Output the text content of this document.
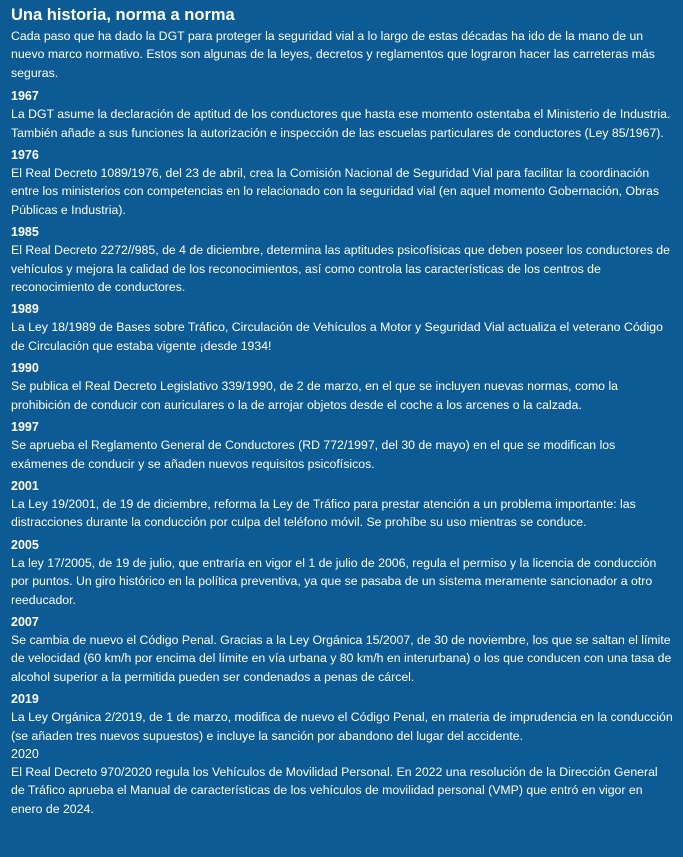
Una historia, norma a norma
Cada paso que ha dado la DGT para proteger la seguridad vial a lo largo de estas décadas ha ido de la mano de un nuevo marco normativo. Estos son algunas de la leyes, decretos y reglamentos que lograron hacer las carreteras más seguras.
1967
La DGT asume la declaración de aptitud de los conductores que hasta ese momento ostentaba el Ministerio de Industria. También añade a sus funciones la autorización e inspección de las escuelas particulares de conductores (Ley 85/1967).
1976
El Real Decreto 1089/1976, del 23 de abril, crea la Comisión Nacional de Seguridad Vial para facilitar la coordinación entre los ministerios con competencias en lo relacionado con la seguridad vial (en aquel momento Gobernación, Obras Públicas e Industria).
1985
El Real Decreto 2272//985, de 4 de diciembre, determina las aptitudes psicofísicas que deben poseer los conductores de vehículos y mejora la calidad de los reconocimientos, así como controla las características de los centros de reconocimiento de conductores.
1989
La Ley 18/1989 de Bases sobre Tráfico, Circulación de Vehículos a Motor y Seguridad Vial actualiza el veterano Código de Circulación que estaba vigente ¡desde 1934!
1990
Se publica el Real Decreto Legislativo 339/1990, de 2 de marzo, en el que se incluyen nuevas normas, como la prohibición de conducir con auriculares o la de arrojar objetos desde el coche a los arcenes o la calzada.
1997
Se aprueba el Reglamento General de Conductores (RD 772/1997, del 30 de mayo) en el que se modifican los exámenes de conducir y se añaden nuevos requisitos psicofísicos.
2001
La Ley 19/2001, de 19 de diciembre, reforma la Ley de Tráfico para prestar atención a un problema importante: las distracciones durante la conducción por culpa del teléfono móvil. Se prohíbe su uso mientras se conduce.
2005
La ley 17/2005, de 19 de julio, que entraría en vigor el 1 de julio de 2006, regula el permiso y la licencia de conducción por puntos. Un giro histórico en la política preventiva, ya que se pasaba de un sistema meramente sancionador a otro reeducador.
2007
Se cambia de nuevo el Código Penal. Gracias a la Ley Orgánica 15/2007, de 30 de noviembre, los que se saltan el límite de velocidad (60 km/h por encima del límite en vía urbana y 80 km/h en interurbana) o los que conducen con una tasa de alcohol superior a la permitida pueden ser condenados a penas de cárcel.
2019
La Ley Orgánica 2/2019, de 1 de marzo, modifica de nuevo el Código Penal, en materia de imprudencia en la conducción (se añaden tres nuevos supuestos) e incluye la sanción por abandono del lugar del accidente.
2020
El Real Decreto 970/2020 regula los Vehículos de Movilidad Personal. En 2022 una resolución de la Dirección General de Tráfico aprueba el Manual de características de los vehículos de movilidad personal (VMP) que entró en vigor en enero de 2024.
